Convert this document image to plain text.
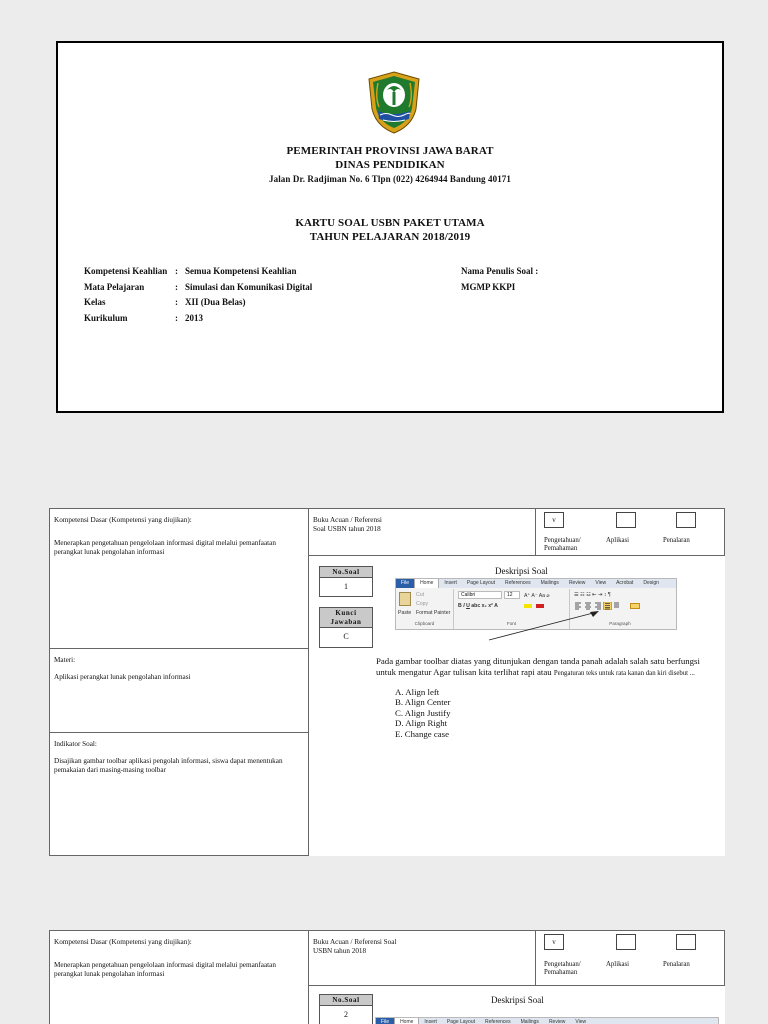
PEMERINTAH PROVINSI JAWA BARAT
DINAS PENDIDIKAN
Jalan Dr. Radjiman No. 6 Tlpn (022) 4264944 Bandung 40171
KARTU SOAL USBN PAKET UTAMA
TAHUN PELAJARAN 2018/2019
Kompetensi Keahlian : Semua Kompetensi Keahlian
Mata Pelajaran	: Simulasi dan Komunikasi Digital
Kelas	: XII (Dua Belas)
Kurikulum	: 2013
Nama Penulis Soal :
MGMP KKPI
Kompetensi Dasar (Kompetensi yang diujikan):
Menerapkan pengetahuan pengelolaan informasi digital melalui pemanfaatan perangkat lunak pengolahan informasi
Materi:
Aplikasi perangkat lunak pengolahan informasi
Indikator Soal:
Disajikan gambar toolbar aplikasi pengolah informasi, siswa dapat menentukan pemakaian dari masing-masing toolbar
Buku Acuan / Referensi Soal USBN tahun 2018
v
Pengetahuan/ Pemahaman
Aplikasi	Penalaran
No.Soal
1
Kunci Jawaban
C
Deskripsi Soal
File	Home	Insert	Page Layout	References	Mailings	Review	View	Acrobat	Design
Paste
Cut
Copy
Format Painter
Clipboard
Calibri	12	A⁺ A⁻ Aa ⌀
B I U abc x₂ x² A
Font
☰ ☷ ☳ ⇤ ⇥ ↕ ¶
Paragraph
Pada gambar toolbar diatas yang ditunjukan dengan tanda panah adalah salah satu berfungsi untuk mengatur Agar tulisan kita terlihat rapi atau Pengaturan teks untuk rata kanan dan kiri disebut ...
A. Align left
B. Align Center
C. Align Justify
D. Align Right
E. Change case
Kompetensi Dasar (Kompetensi yang diujikan):
Menerapkan pengetahuan pengelolaan informasi digital melalui pemanfaatan perangkat lunak pengolahan informasi
Buku Acuan / Referensi Soal USBN tahun 2018
v
Pengetahuan/ Pemahaman
Aplikasi	Penalaran
No.Soal
2
Deskripsi Soal
File	Home	Insert	Page Layout	References	Mailings	Review	View
